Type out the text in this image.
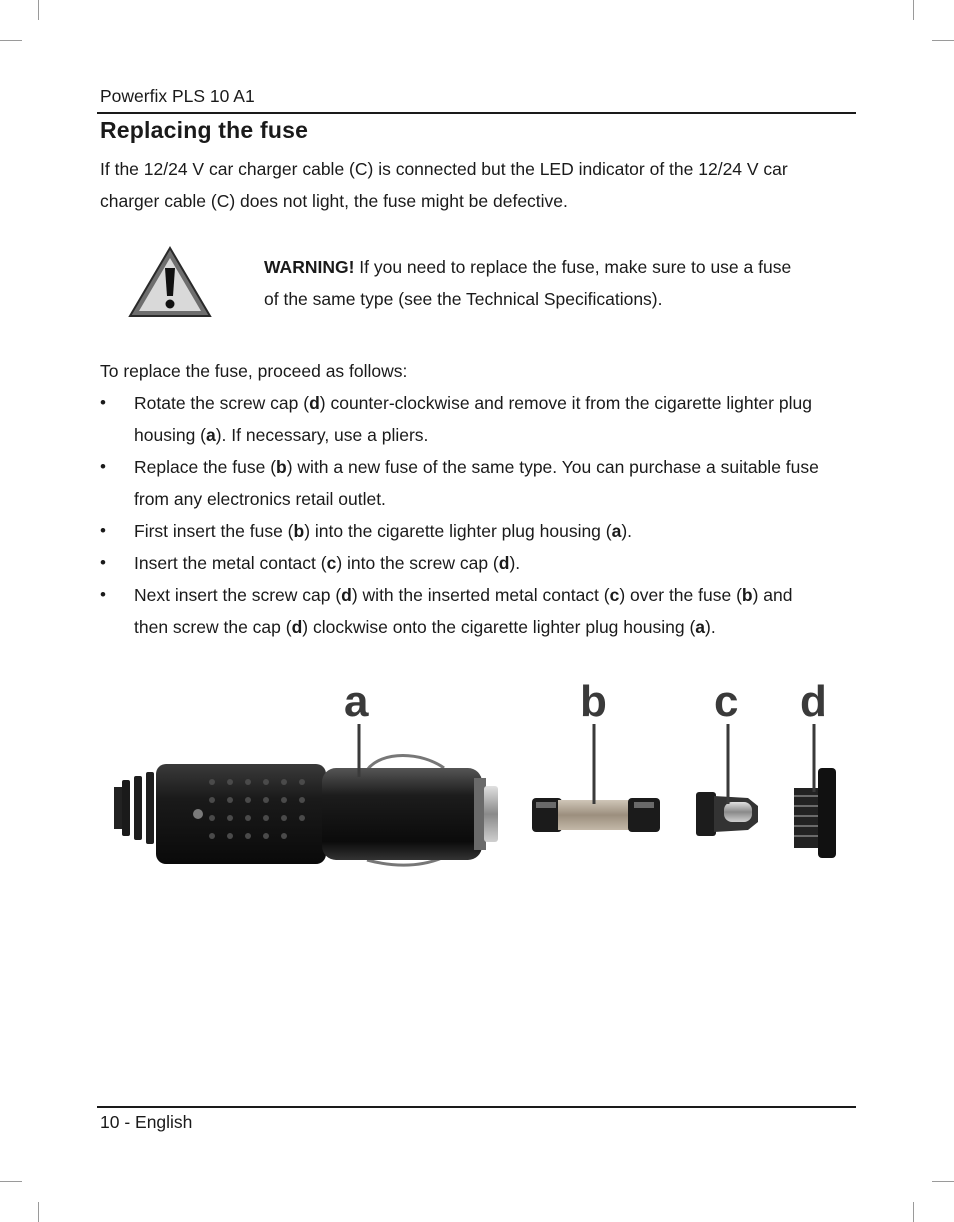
Powerfix PLS 10 A1
Replacing the fuse

If the 12/24 V car charger cable (C) is connected but the LED indicator of the 12/24 V car
charger cable (C) does not light, the fuse might be defective.

WARNING! If you need to replace the fuse, make sure to use a fuse
of the same type (see the Technical Specifications).

To replace the fuse, proceed as follows:

• Rotate the screw cap (d) counter-clockwise and remove it from the cigarette lighter plug
housing (a). If necessary, use a pliers.
• Replace the fuse (b) with a new fuse of the same type. You can purchase a suitable fuse
from any electronics retail outlet.
• First insert the fuse (b) into the cigarette lighter plug housing (a).
• Insert the metal contact (c) into the screw cap (d).
• Next insert the screw cap (d) with the inserted metal contact (c) over the fuse (b) and
then screw the cap (d) clockwise onto the cigarette lighter plug housing (a).
a	b c d
10 - English
